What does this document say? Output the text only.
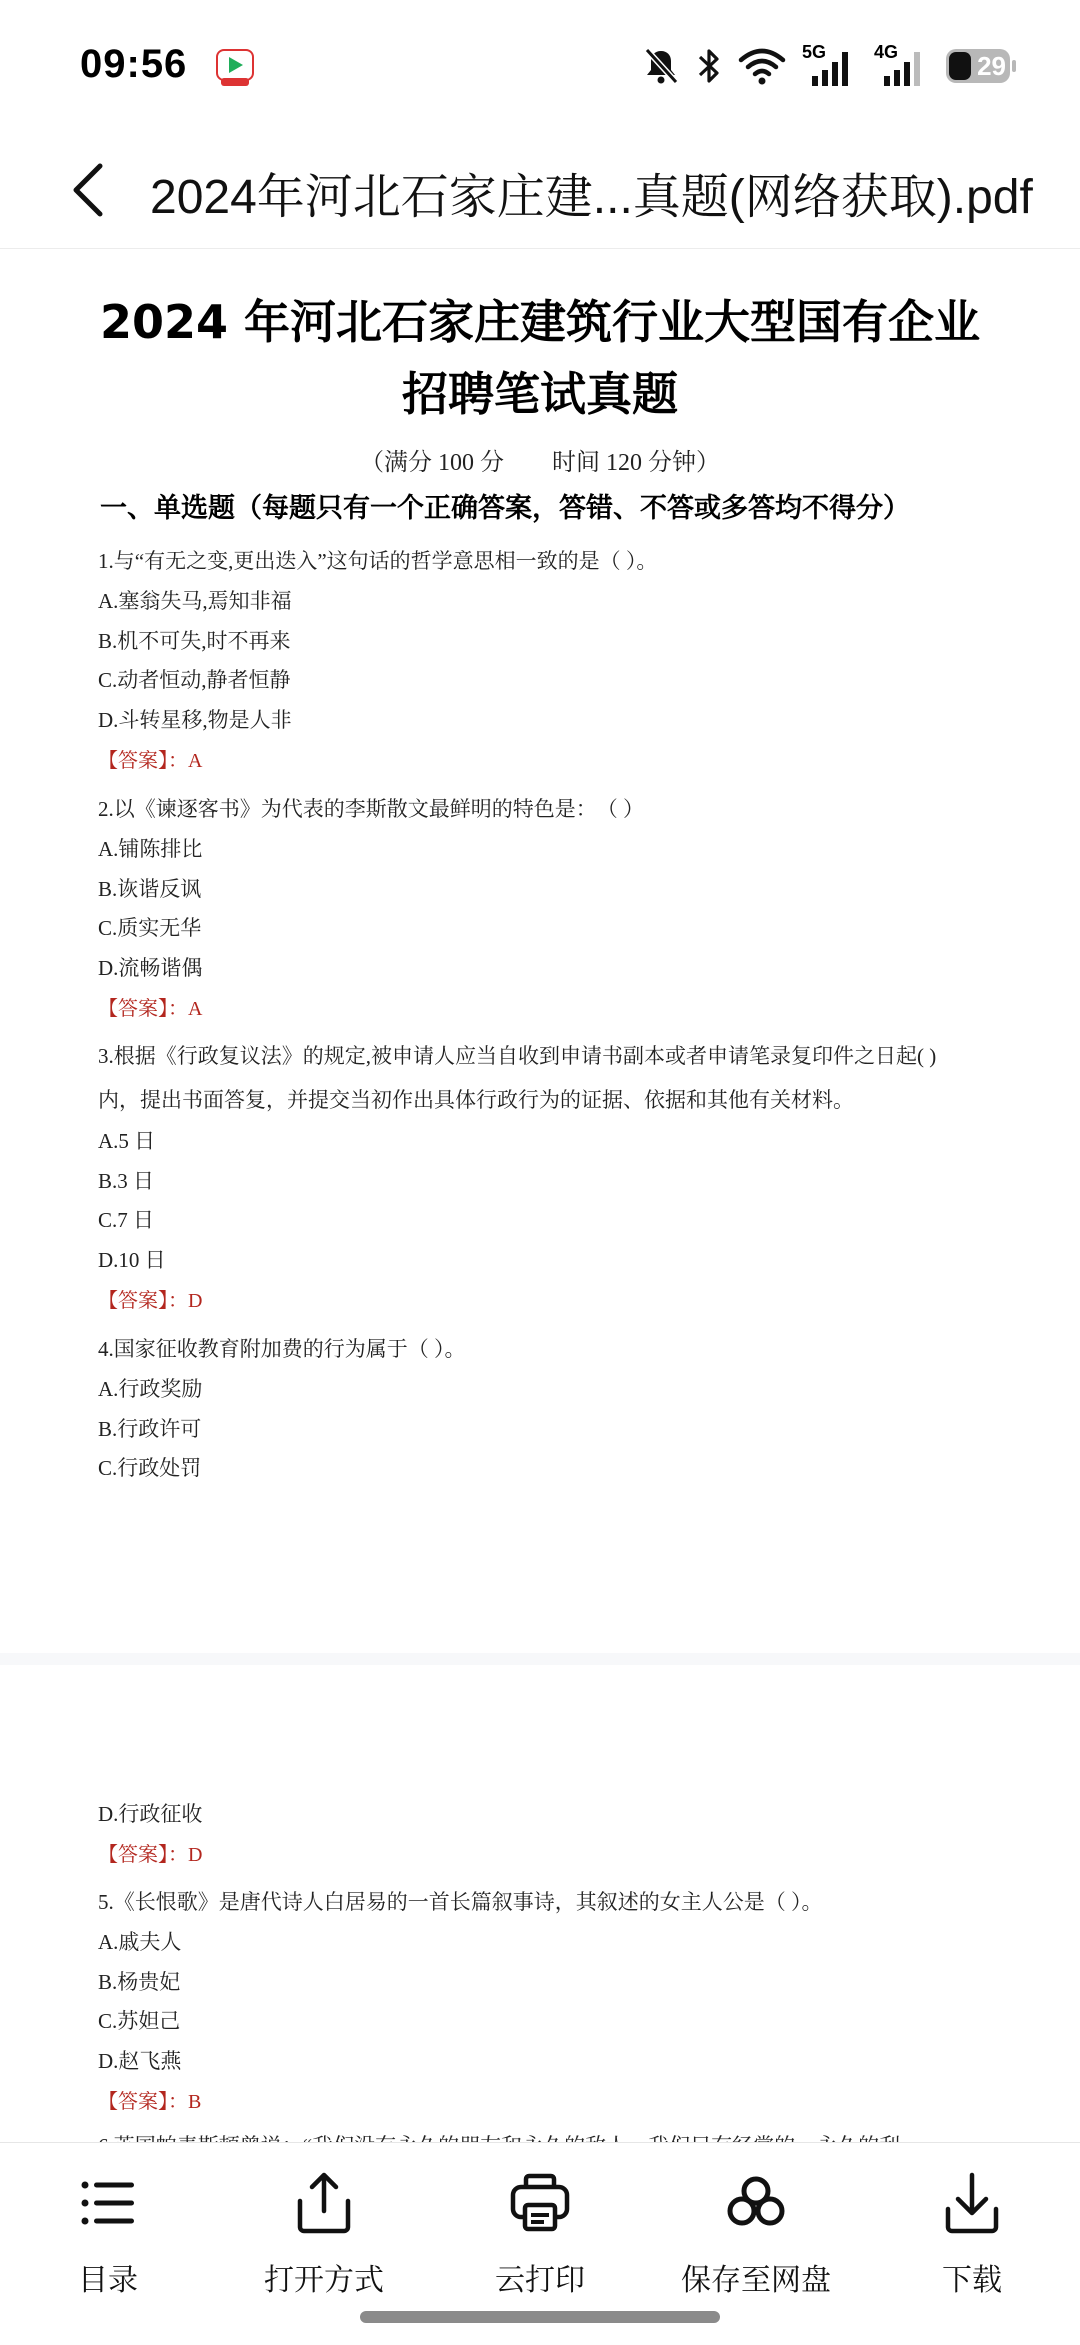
09:56	5G	4G	29
2024年河北石家庄建...真题(网络获取).pdf
2024 年河北石家庄建筑行业大型国有企业
招聘笔试真题
（满分 100 分　　时间 120 分钟）
一、单选题（每题只有一个正确答案，答错、不答或多答均不得分）
1.与“有无之变,更出迭入”这句话的哲学意思相一致的是（ ）。
A.塞翁失马,焉知非福
B.机不可失,时不再来
C.动者恒动,静者恒静
D.斗转星移,物是人非
【答案】：A
2.以《谏逐客书》为代表的李斯散文最鲜明的特色是：　（ ）
A.铺陈排比
B.诙谐反讽
C.质实无华
D.流畅谐偶
【答案】：A
3.根据《行政复议法》的规定,被申请人应当自收到申请书副本或者申请笔录复印件之日起( )
内，提出书面答复，并提交当初作出具体行政行为的证据、依据和其他有关材料。
A.5 日
B.3 日
C.7 日
D.10 日
【答案】：D
4.国家征收教育附加费的行为属于（ ）。
A.行政奖励
B.行政许可
C.行政处罚
D.行政征收
【答案】：D
5.《长恨歌》是唐代诗人白居易的一首长篇叙事诗，其叙述的女主人公是（ ）。
A.戚夫人
B.杨贵妃
C.苏妲己
D.赵飞燕
【答案】：B
目录	打开方式	云打印	保存至网盘	下载
